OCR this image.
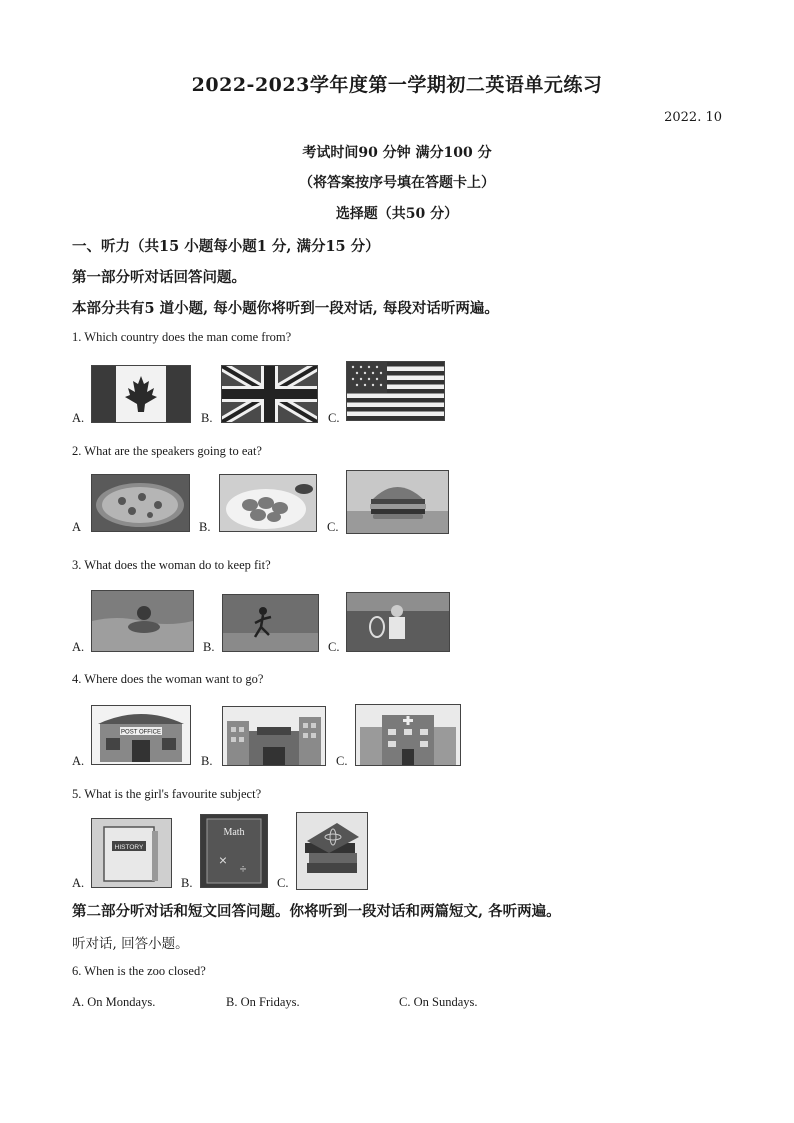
2022-2023学年度第一学期初二英语单元练习
2022. 10
考试时间90 分钟 满分100 分
（将答案按序号填在答题卡上）
选择题（共50 分）
一、听力（共15 小题每小题1 分, 满分15 分）
第一部分听对话回答问题。
本部分共有5 道小题, 每小题你将听到一段对话, 每段对话听两遍。
1. Which country does the man come from?
A.	B.	C.
2. What are the speakers going to eat?
A	B.	C.
3. What does the woman do to keep fit?
A.	B.	C.
4. Where does the woman want to go?
A.
POST OFFICE
B.	C.
5. What is the girl's favourite subject?
A.
HISTORY
B.
Math
×
÷
C.
第二部分听对话和短文回答问题。你将听到一段对话和两篇短文, 各听两遍。
听对话, 回答小题。
6. When is the zoo closed?
A. On Mondays.	B. On Fridays.	C. On Sundays.
